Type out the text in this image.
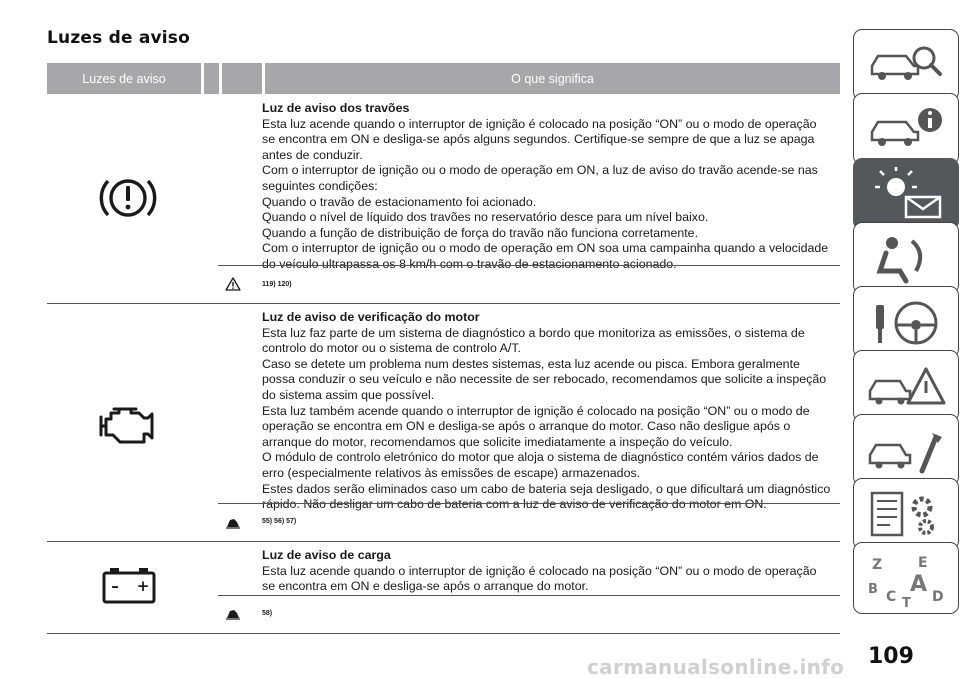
Luzes de aviso
Luzes de aviso	O que significa

Luz de aviso dos travões

Esta luz acende quando o interruptor de ignição é colocado na posição “ON” ou o modo de operação

se encontra em ON e desliga-se após alguns segundos. Certifique-se sempre de que a luz se apaga

antes de conduzir.

Com o interruptor de ignição ou o modo de operação em ON, a luz de aviso do travão acende-se nas

seguintes condições:

Quando o travão de estacionamento foi acionado.

Quando o nível de líquido dos travões no reservatório desce para um nível baixo.

Quando a função de distribuição de força do travão não funciona corretamente.

Com o interruptor de ignição ou o modo de operação em ON soa uma campainha quando a velocidade

do veículo ultrapassa os 8 km/h com o travão de estacionamento acionado.

119) 120)

Luz de aviso de verificação do motor

Esta luz faz parte de um sistema de diagnóstico a bordo que monitoriza as emissões, o sistema de

controlo do motor ou o sistema de controlo A/T.

Caso se detete um problema num destes sistemas, esta luz acende ou pisca. Embora geralmente

possa conduzir o seu veículo e não necessite de ser rebocado, recomendamos que solicite a inspeção

do sistema assim que possível.

Esta luz também acende quando o interruptor de ignição é colocado na posição “ON” ou o modo de

operação se encontra em ON e desliga-se após o arranque do motor. Caso não desligue após o

arranque do motor, recomendamos que solicite imediatamente a inspeção do veículo.

O módulo de controlo eletrónico do motor que aloja o sistema de diagnóstico contém vários dados de

erro (especialmente relativos às emissões de escape) armazenados.

Estes dados serão eliminados caso um cabo de bateria seja desligado, o que dificultará um diagnóstico

rápido. Não desligar um cabo de bateria com a luz de aviso de verificação do motor em ON.

55) 56) 57)
– +

Luz de aviso de carga

Esta luz acende quando o interruptor de ignição é colocado na posição “ON” ou o modo de operação

se encontra em ON e desliga-se após o arranque do motor.

58)
Z	E
B A
C	D
T
109
carmanualsonline.info
